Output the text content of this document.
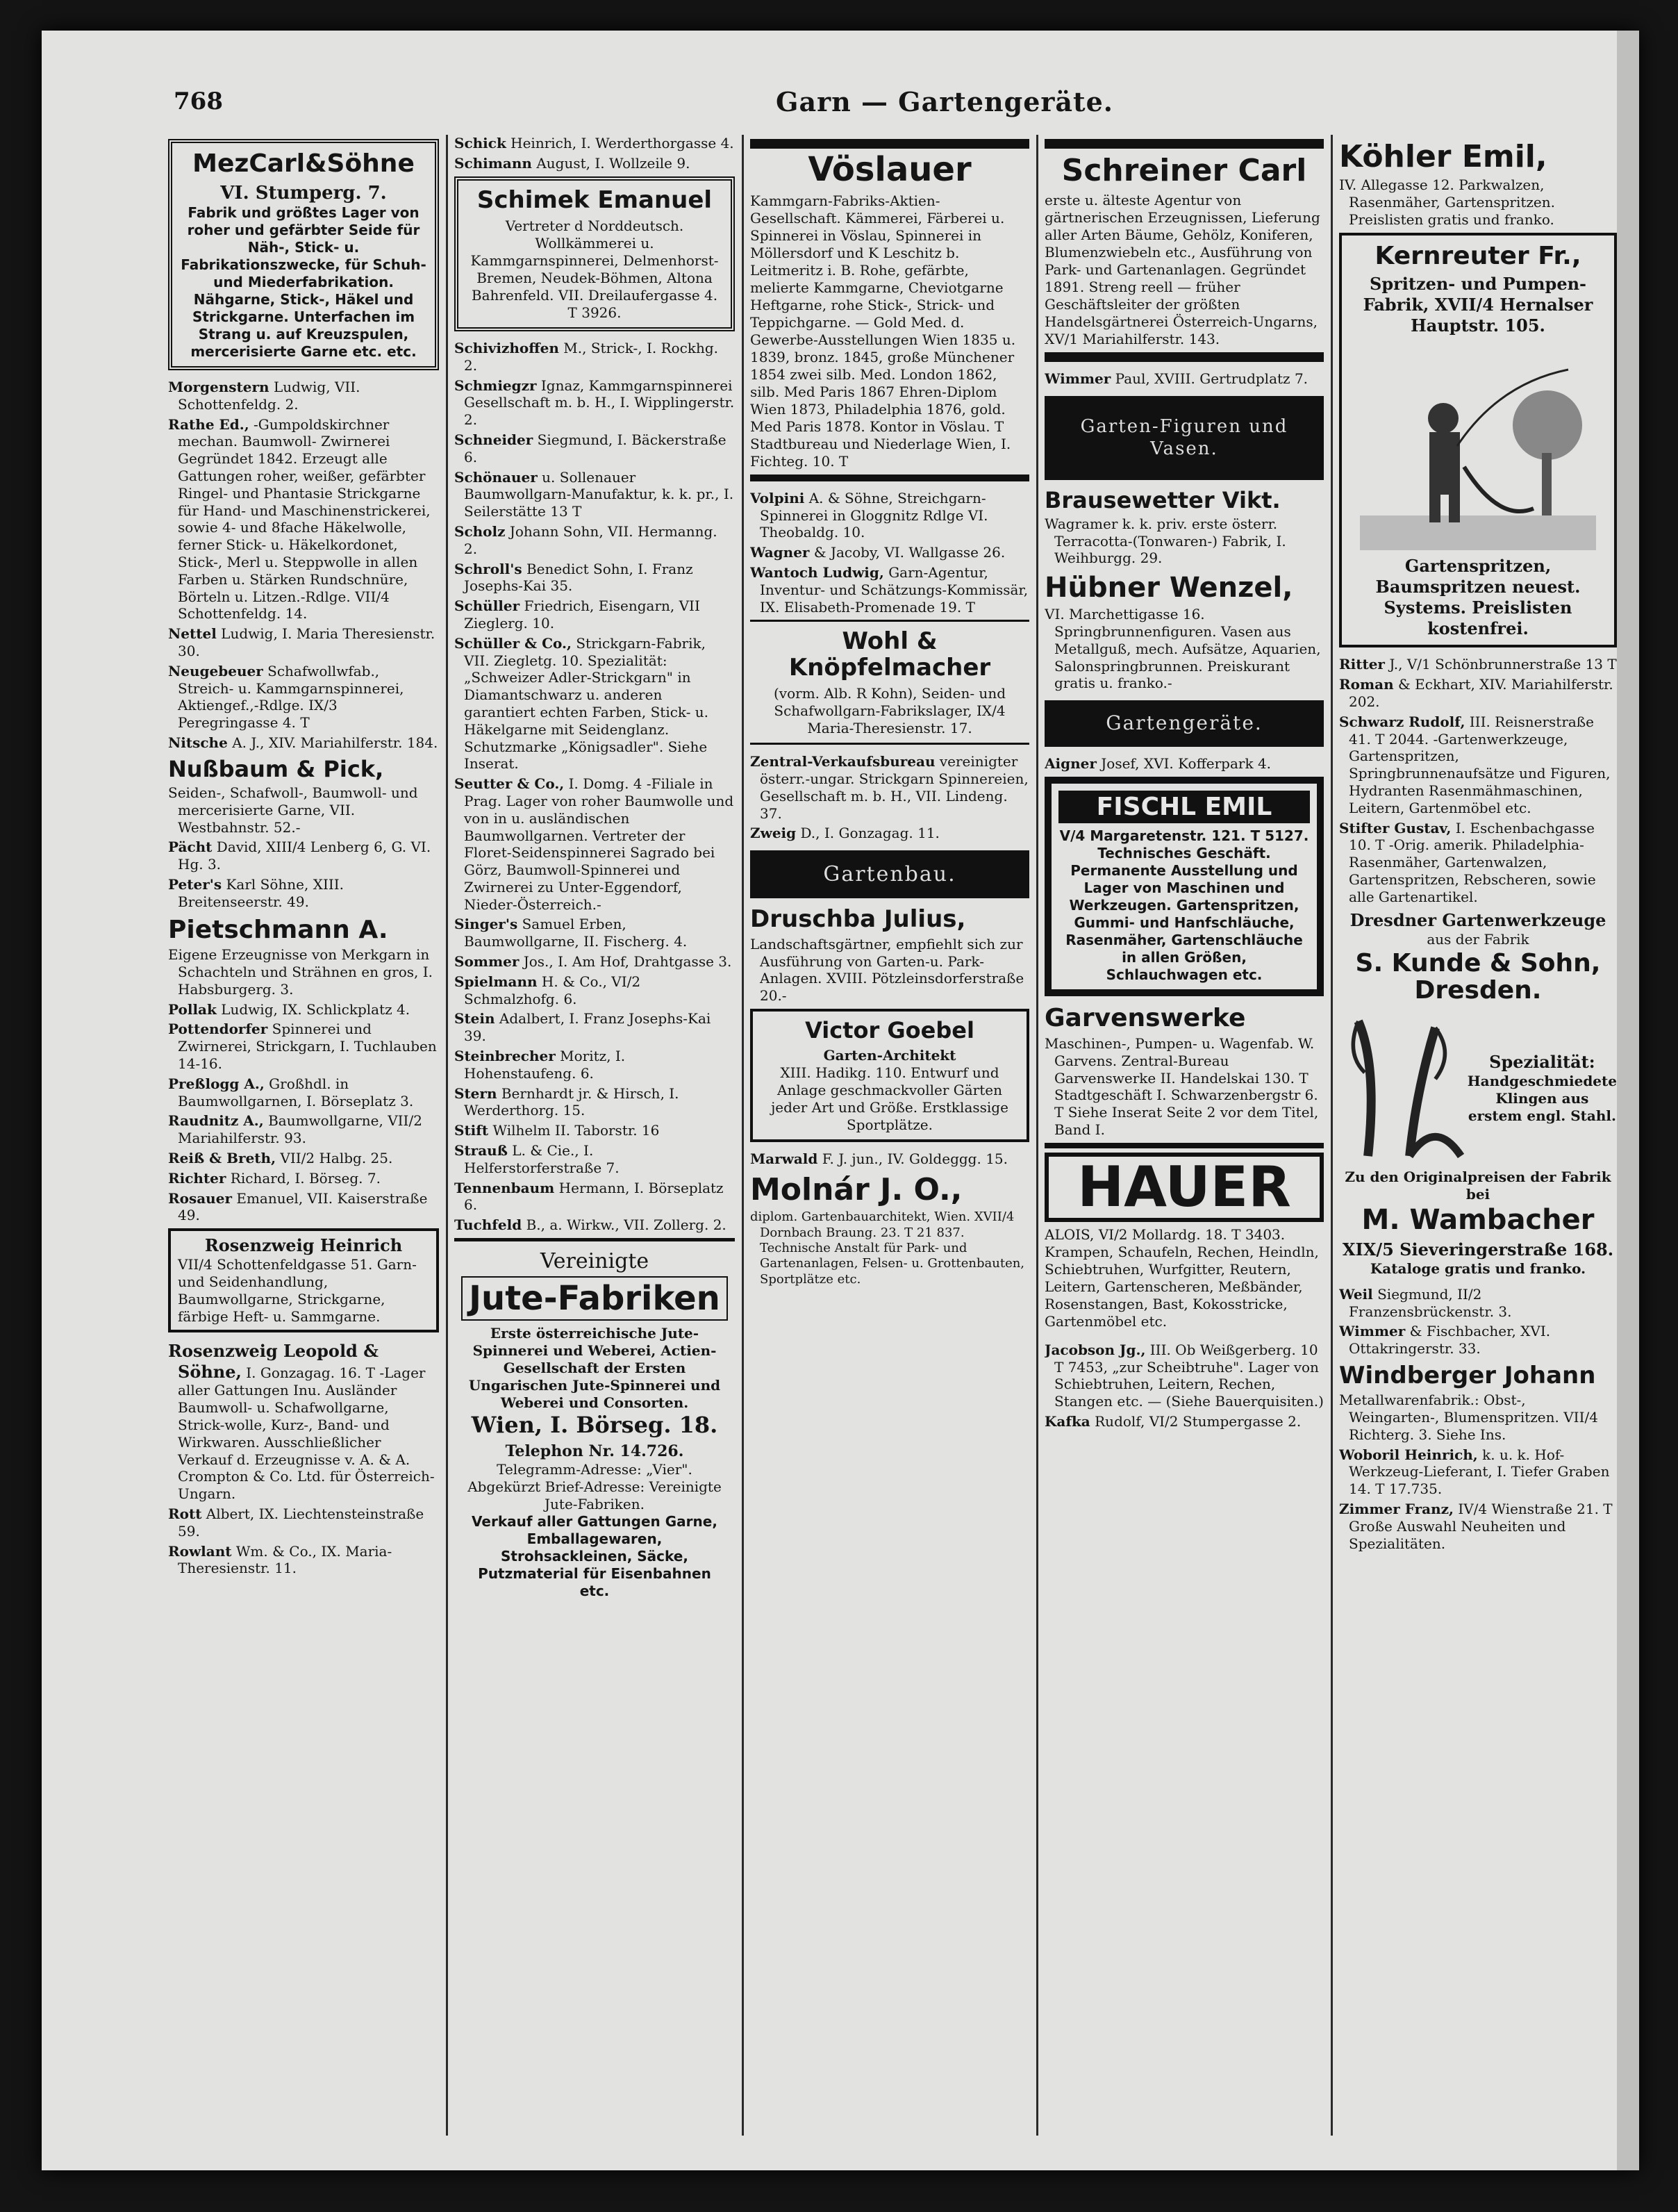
768	Garn — Gartengeräte.
MezCarl&Söhne
VI. Stumperg. 7.
Fabrik und größtes Lager von roher und gefärbter Seide für Näh-, Stick- u. Fabrikationszwecke, für Schuh- und Miederfabrikation. Nähgarne, Stick-, Häkel und Strickgarne. Unterfachen im Strang u. auf Kreuzspulen, mercerisierte Garne etc. etc.
Morgenstern Ludwig, VII. Schottenfeldg. 2.
Rathe Ed., -Gumpoldskirchner mechan. Baumwoll- Zwirnerei Gegründet 1842. Erzeugt alle Gattungen roher, weißer, gefärbter Ringel- und Phantasie Strickgarne für Hand- und Maschinenstrickerei, sowie 4- und 8fache Häkelwolle, ferner Stick- u. Häkelkordonet, Stick-, Merl u. Steppwolle in allen Farben u. Stärken Rundschnüre, Börteln u. Litzen.-Rdlge. VII/4 Schottenfeldg. 14.
Nettel Ludwig, I. Maria Theresienstr. 30.
Neugebeuer Schafwollwfab., Streich- u. Kammgarnspinnerei, Aktiengef.,-Rdlge. IX/3 Peregringasse 4. T
Nitsche A. J., XIV. Mariahilferstr. 184.
Nußbaum & Pick,
Seiden-, Schafwoll-, Baumwoll- und mercerisierte Garne, VII. Westbahnstr. 52.-
Pächt David, XIII/4 Lenberg 6, G. VI. Hg. 3.
Peter's Karl Söhne, XIII. Breitenseerstr. 49.
Pietschmann A.
Eigene Erzeugnisse von Merkgarn in Schachteln und Strähnen en gros, I. Habsburgerg. 3.
Pollak Ludwig, IX. Schlickplatz 4.
Pottendorfer Spinnerei und Zwirnerei, Strickgarn, I. Tuchlauben 14-16.
Preßlogg A., Großhdl. in Baumwollgarnen, I. Börseplatz 3.
Raudnitz A., Baumwollgarne, VII/2 Mariahilferstr. 93.
Reiß & Breth, VII/2 Halbg. 25.
Richter Richard, I. Börseg. 7.
Rosauer Emanuel, VII. Kaiserstraße 49.
Rosenzweig Heinrich
VII/4 Schottenfeldgasse 51. Garn- und Seidenhandlung, Baumwollgarne, Strickgarne, färbige Heft- u. Sammgarne.
Rosenzweig Leopold & Söhne, I. Gonzagag. 16. T -Lager aller Gattungen Inu. Ausländer Baumwoll- u. Schafwollgarne, Strick-wolle, Kurz-, Band- und Wirkwaren. Ausschließlicher Verkauf d. Erzeugnisse v. A. & A. Crompton & Co. Ltd. für Österreich-Ungarn.
Rott Albert, IX. Liechtensteinstraße 59.
Rowlant Wm. & Co., IX. Maria-Theresienstr. 11.
Schick Heinrich, I. Werderthorgasse 4.
Schimann August, I. Wollzeile 9.
Schimek Emanuel
Vertreter d Norddeutsch. Wollkämmerei u. Kammgarnspinnerei, Delmenhorst-Bremen, Neudek-Böhmen, Altona Bahrenfeld. VII. Dreilaufergasse 4. T 3926.
Schivizhoffen M., Strick-, I. Rockhg. 2.
Schmiegzr Ignaz, Kammgarnspinnerei Gesellschaft m. b. H., I. Wipplingerstr. 2.
Schneider Siegmund, I. Bäckerstraße 6.
Schönauer u. Sollenauer Baumwollgarn-Manufaktur, k. k. pr., I. Seilerstätte 13 T
Scholz Johann Sohn, VII. Hermanng. 2.
Schroll's Benedict Sohn, I. Franz Josephs-Kai 35.
Schüller Friedrich, Eisengarn, VII Zieglerg. 10.
Schüller & Co., Strickgarn-Fabrik, VII. Ziegletg. 10. Spezialität: „Schweizer Adler-Strickgarn" in Diamantschwarz u. anderen garantiert echten Farben, Stick- u. Häkelgarne mit Seidenglanz. Schutzmarke „Königsadler". Siehe Inserat.
Seutter & Co., I. Domg. 4 -Filiale in Prag. Lager von roher Baumwolle und von in u. ausländischen Baumwollgarnen. Vertreter der Floret-Seidenspinnerei Sagrado bei Görz, Baumwoll-Spinnerei und Zwirnerei zu Unter-Eggendorf, Nieder-Österreich.-
Singer's Samuel Erben, Baumwollgarne, II. Fischerg. 4.
Sommer Jos., I. Am Hof, Drahtgasse 3.
Spielmann H. & Co., VI/2 Schmalzhofg. 6.
Stein Adalbert, I. Franz Josephs-Kai 39.
Steinbrecher Moritz, I. Hohenstaufeng. 6.
Stern Bernhardt jr. & Hirsch, I. Werderthorg. 15.
Stift Wilhelm II. Taborstr. 16
Strauß L. & Cie., I. Helferstorferstraße 7.
Tennenbaum Hermann, I. Börseplatz 6.
Tuchfeld B., a. Wirkw., VII. Zollerg. 2.
Vereinigte
Jute-Fabriken
Erste österreichische Jute-Spinnerei und Weberei, Actien-Gesellschaft der Ersten Ungarischen Jute-Spinnerei und Weberei und Consorten.
Wien, I. Börseg. 18.
Telephon Nr. 14.726.
Telegramm-Adresse: „Vier". Abgekürzt Brief-Adresse: Vereinigte Jute-Fabriken.
Verkauf aller Gattungen Garne, Emballagewaren, Strohsackleinen, Säcke, Putzmaterial für Eisenbahnen etc.
Vöslauer
Kammgarn-Fabriks-Aktien-Gesellschaft. Kämmerei, Färberei u. Spinnerei in Vöslau, Spinnerei in Möllersdorf und K Leschitz b. Leitmeritz i. B. Rohe, gefärbte, melierte Kammgarne, Cheviotgarne Heftgarne, rohe Stick-, Strick- und Teppichgarne. — Gold Med. d. Gewerbe-Ausstellungen Wien 1835 u. 1839, bronz. 1845, große Münchener 1854 zwei silb. Med. London 1862, silb. Med Paris 1867 Ehren-Diplom Wien 1873, Philadelphia 1876, gold. Med Paris 1878. Kontor in Vöslau. T Stadtbureau und Niederlage Wien, I. Fichteg. 10. T
Volpini A. & Söhne, Streichgarn-Spinnerei in Gloggnitz Rdlge VI. Theobaldg. 10.
Wagner & Jacoby, VI. Wallgasse 26.
Wantoch Ludwig, Garn-Agentur, Inventur- und Schätzungs-Kommissär, IX. Elisabeth-Promenade 19. T
Wohl & Knöpfelmacher
(vorm. Alb. R Kohn), Seiden- und Schafwollgarn-Fabrikslager, IX/4 Maria-Theresienstr. 17.
Zentral-Verkaufsbureau vereinigter österr.-ungar. Strickgarn Spinnereien, Gesellschaft m. b. H., VII. Lindeng. 37.
Zweig D., I. Gonzagag. 11.
Gartenbau.
Druschba Julius,
Landschaftsgärtner, empfiehlt sich zur Ausführung von Garten-u. Park-Anlagen. XVIII. Pötzleinsdorferstraße 20.-
Victor Goebel
Garten-Architekt
XIII. Hadikg. 110. Entwurf und Anlage geschmackvoller Gärten jeder Art und Größe. Erstklassige Sportplätze.
Marwald F. J. jun., IV. Goldeggg. 15.
Molnár J. O.,
diplom. Gartenbauarchitekt, Wien. XVII/4 Dornbach Braung. 23. T 21 837. Technische Anstalt für Park- und Gartenanlagen, Felsen- u. Grottenbauten, Sportplätze etc.
Schreiner Carl
erste u. älteste Agentur von gärtnerischen Erzeugnissen, Lieferung aller Arten Bäume, Gehölz, Koniferen, Blumenzwiebeln etc., Ausführung von Park- und Gartenanlagen. Gegründet 1891. Streng reell — früher Geschäftsleiter der größten Handelsgärtnerei Österreich-Ungarns, XV/1 Mariahilferstr. 143.
Wimmer Paul, XVIII. Gertrudplatz 7.
Garten-Figuren und Vasen.
Brausewetter Vikt.
Wagramer k. k. priv. erste österr. Terracotta-(Tonwaren-) Fabrik, I. Weihburgg. 29.
Hübner Wenzel,
VI. Marchettigasse 16. Springbrunnenfiguren. Vasen aus Metallguß, mech. Aufsätze, Aquarien, Salonspringbrunnen. Preiskurant gratis u. franko.-
Gartengeräte.
Aigner Josef, XVI. Kofferpark 4.
FISCHL EMIL
V/4 Margaretenstr. 121. T 5127. Technisches Geschäft. Permanente Ausstellung und Lager von Maschinen und Werkzeugen. Gartenspritzen, Gummi- und Hanfschläuche, Rasenmäher, Gartenschläuche in allen Größen, Schlauchwagen etc.
Garvenswerke
Maschinen-, Pumpen- u. Wagenfab. W. Garvens. Zentral-Bureau Garvenswerke II. Handelskai 130. T Stadtgeschäft I. Schwarzenbergstr 6. T Siehe Inserat Seite 2 vor dem Titel, Band I.
HAUER
ALOIS, VI/2 Mollardg. 18. T 3403. Krampen, Schaufeln, Rechen, Heindln, Schiebtruhen, Wurfgitter, Reutern, Leitern, Gartenscheren, Meßbänder, Rosenstangen, Bast, Kokosstricke, Gartenmöbel etc.
Jacobson Jg., III. Ob Weißgerberg. 10 T 7453, „zur Scheibtruhe". Lager von Schiebtruhen, Leitern, Rechen, Stangen etc. — (Siehe Bauerquisiten.)
Kafka Rudolf, VI/2 Stumpergasse 2.
Köhler Emil,
IV. Allegasse 12. Parkwalzen, Rasenmäher, Gartenspritzen. Preislisten gratis und franko.
Kernreuter Fr.,
Spritzen- und Pumpen-Fabrik, XVII/4 Hernalser Hauptstr. 105.
Gartenspritzen, Baumspritzen neuest. Systems. Preislisten kostenfrei.
Ritter J., V/1 Schönbrunnerstraße 13 T
Roman & Eckhart, XIV. Mariahilferstr. 202.
Schwarz Rudolf, III. Reisnerstraße 41. T 2044. -Gartenwerkzeuge, Gartenspritzen, Springbrunnenaufsätze und Figuren, Hydranten Rasenmähmaschinen, Leitern, Gartenmöbel etc.
Stifter Gustav, I. Eschenbachgasse 10. T -Orig. amerik. Philadelphia-Rasenmäher, Gartenwalzen, Gartenspritzen, Rebscheren, sowie alle Gartenartikel.
Dresdner Gartenwerkzeuge
aus der Fabrik
S. Kunde & Sohn, Dresden.
Spezialität:
Handgeschmiedete Klingen aus erstem engl. Stahl.
Zu den Originalpreisen der Fabrik bei
M. Wambacher
XIX/5 Sieveringerstraße 168.
Kataloge gratis und franko.
Weil Siegmund, II/2 Franzensbrückenstr. 3.
Wimmer & Fischbacher, XVI. Ottakringerstr. 33.
Windberger Johann
Metallwarenfabrik.: Obst-, Weingarten-, Blumenspritzen. VII/4 Richterg. 3. Siehe Ins.
Woboril Heinrich, k. u. k. Hof-Werkzeug-Lieferant, I. Tiefer Graben 14. T 17.735.
Zimmer Franz, IV/4 Wienstraße 21. T Große Auswahl Neuheiten und Spezialitäten.
